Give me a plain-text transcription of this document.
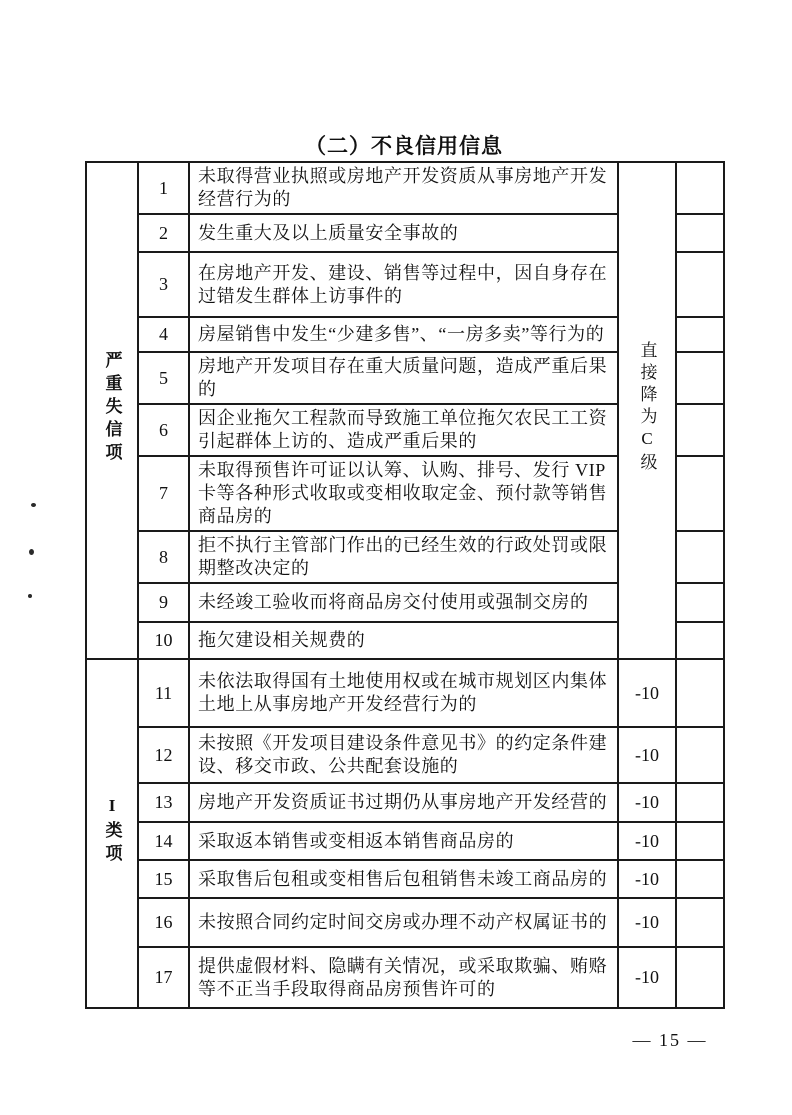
（二）不良信用信息
严重失信项	1	未取得营业执照或房地产开发资质从事房地产开发经营行为的	直接降为C级	
	2	发生重大及以上质量安全事故的		
	3	在房地产开发、建设、销售等过程中，因自身存在过错发生群体上访事件的		
	4	房屋销售中发生“少建多售”、“一房多卖”等行为的		
	5	房地产开发项目存在重大质量问题，造成严重后果的		
	6	因企业拖欠工程款而导致施工单位拖欠农民工工资引起群体上访的、造成严重后果的		
	7	未取得预售许可证以认筹、认购、排号、发行 VIP 卡等各种形式收取或变相收取定金、预付款等销售商品房的		
	8	拒不执行主管部门作出的已经生效的行政处罚或限期整改决定的		
	9	未经竣工验收而将商品房交付使用或强制交房的		
	10	拖欠建设相关规费的		
I类项	11	未依法取得国有土地使用权或在城市规划区内集体土地上从事房地产开发经营行为的	-10	
	12	未按照《开发项目建设条件意见书》的约定条件建设、移交市政、公共配套设施的	-10	
	13	房地产开发资质证书过期仍从事房地产开发经营的	-10	
	14	采取返本销售或变相返本销售商品房的	-10	
	15	采取售后包租或变相售后包租销售未竣工商品房的	-10	
	16	未按照合同约定时间交房或办理不动产权属证书的	-10	
	17	提供虚假材料、隐瞒有关情况，或采取欺骗、贿赂等不正当手段取得商品房预售许可的	-10	
— 15 —
